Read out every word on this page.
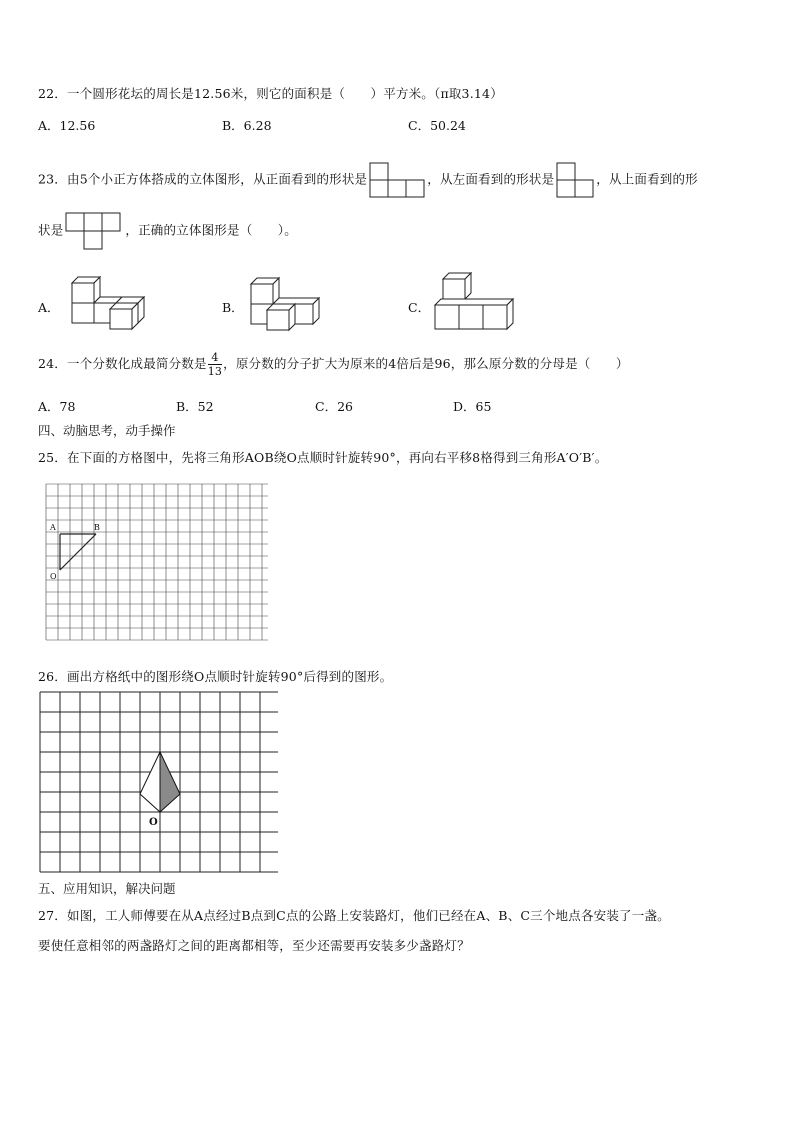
22．一个圆形花坛的周长是12.56米，则它的面积是（　　）平方米。（π取3.14）
A．12.56	B．6.28	C．50.24
23．由5个小正方体搭成的立体图形，从正面看到的形状是	，从左面看到的形状是	，从上面看到的形
状是	，正确的立体图形是（　　）。
A．	B．	C．
24．一个分数化成最简分数是 $\frac{4}{13}$ ，原分数的分子扩大为原来的4倍后是96，那么原分数的分母是（　　）
A．78	B．52	C．26	D．65
四、动脑思考，动手操作
25．在下面的方格图中，先将三角形AOB绕O点顺时针旋转90°，再向右平移8格得到三角形A′O′B′。
A	B
O
26．画出方格纸中的图形绕O点顺时针旋转90°后得到的图形。
O
五、应用知识，解决问题
27．如图，工人师傅要在从A点经过B点到C点的公路上安装路灯，他们已经在A、B、C三个地点各安装了一盏。
要使任意相邻的两盏路灯之间的距离都相等，至少还需要再安装多少盏路灯？
